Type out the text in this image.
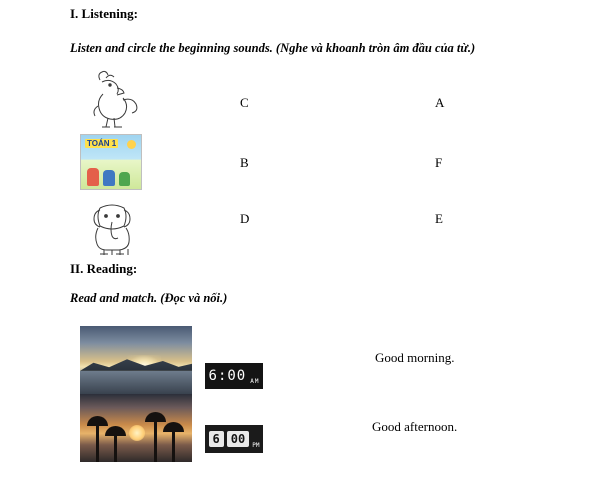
I. Listening:
Listen and circle the beginning sounds. (Nghe và khoanh tròn âm đầu của từ.)
C	A
TOÁN 1
B	F
D	E
II. Reading:
Read and match. (Đọc và nối.)
6:00 AM
Good morning.
6 00	PM
Good afternoon.
